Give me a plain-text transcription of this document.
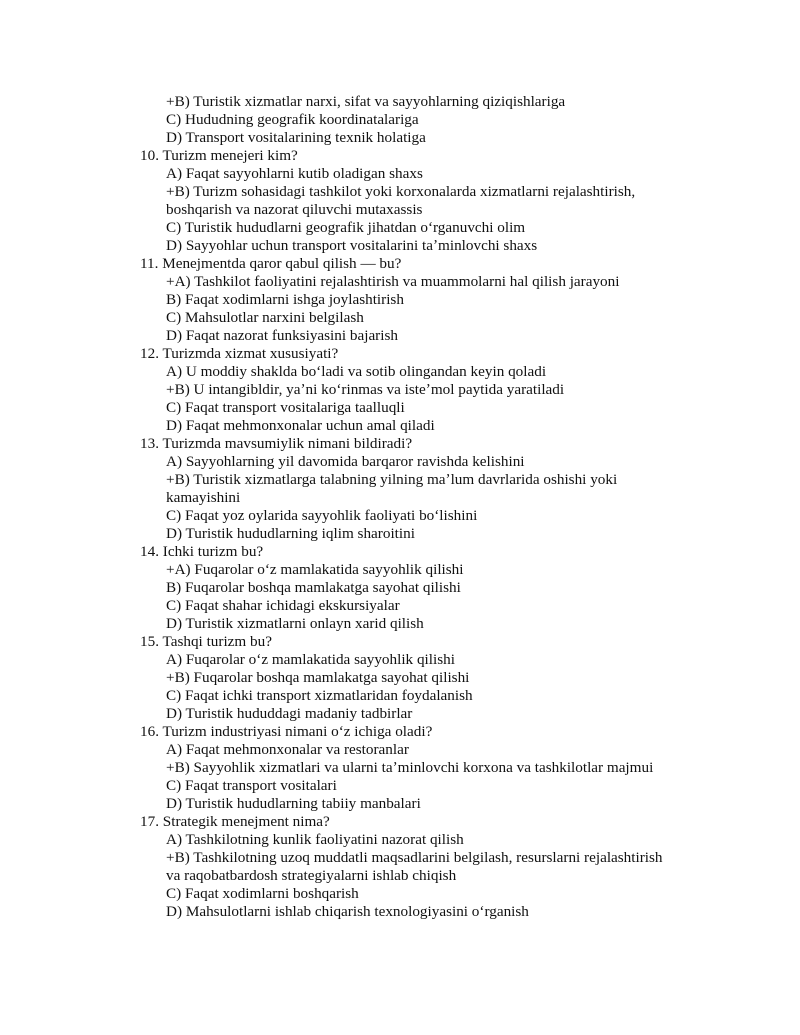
+B) Turistik xizmatlar narxi, sifat va sayyohlarning qiziqishlariga
C) Hududning geografik koordinatalariga
D) Transport vositalarining texnik holatiga
10. Turizm menejeri kim?
A) Faqat sayyohlarni kutib oladigan shaxs
+B) Turizm sohasidagi tashkilot yoki korxonalarda xizmatlarni rejalashtirish,
boshqarish va nazorat qiluvchi mutaxassis
C) Turistik hududlarni geografik jihatdan oʻrganuvchi olim
D) Sayyohlar uchun transport vositalarini taʼminlovchi shaxs
11. Menejmentda qaror qabul qilish — bu?
+A) Tashkilot faoliyatini rejalashtirish va muammolarni hal qilish jarayoni
B) Faqat xodimlarni ishga joylashtirish
C) Mahsulotlar narxini belgilash
D) Faqat nazorat funksiyasini bajarish
12. Turizmda xizmat xususiyati?
A) U moddiy shaklda boʻladi va sotib olingandan keyin qoladi
+B) U intangibldir, yaʼni koʻrinmas va isteʼmol paytida yaratiladi
C) Faqat transport vositalariga taalluqli
D) Faqat mehmonxonalar uchun amal qiladi
13. Turizmda mavsumiylik nimani bildiradi?
A) Sayyohlarning yil davomida barqaror ravishda kelishini
+B) Turistik xizmatlarga talabning yilning maʼlum davrlarida oshishi yoki
kamayishini
C) Faqat yoz oylarida sayyohlik faoliyati boʻlishini
D) Turistik hududlarning iqlim sharoitini
14. Ichki turizm bu?
+A) Fuqarolar oʻz mamlakatida sayyohlik qilishi
B) Fuqarolar boshqa mamlakatga sayohat qilishi
C) Faqat shahar ichidagi ekskursiyalar
D) Turistik xizmatlarni onlayn xarid qilish
15. Tashqi turizm bu?
A) Fuqarolar oʻz mamlakatida sayyohlik qilishi
+B) Fuqarolar boshqa mamlakatga sayohat qilishi
C) Faqat ichki transport xizmatlaridan foydalanish
D) Turistik hududdagi madaniy tadbirlar
16. Turizm industriyasi nimani oʻz ichiga oladi?
A) Faqat mehmonxonalar va restoranlar
+B) Sayyohlik xizmatlari va ularni taʼminlovchi korxona va tashkilotlar majmui
C) Faqat transport vositalari
D) Turistik hududlarning tabiiy manbalari
17. Strategik menejment nima?
A) Tashkilotning kunlik faoliyatini nazorat qilish
+B) Tashkilotning uzoq muddatli maqsadlarini belgilash, resurslarni rejalashtirish
va raqobatbardosh strategiyalarni ishlab chiqish
C) Faqat xodimlarni boshqarish
D) Mahsulotlarni ishlab chiqarish texnologiyasini oʻrganish
